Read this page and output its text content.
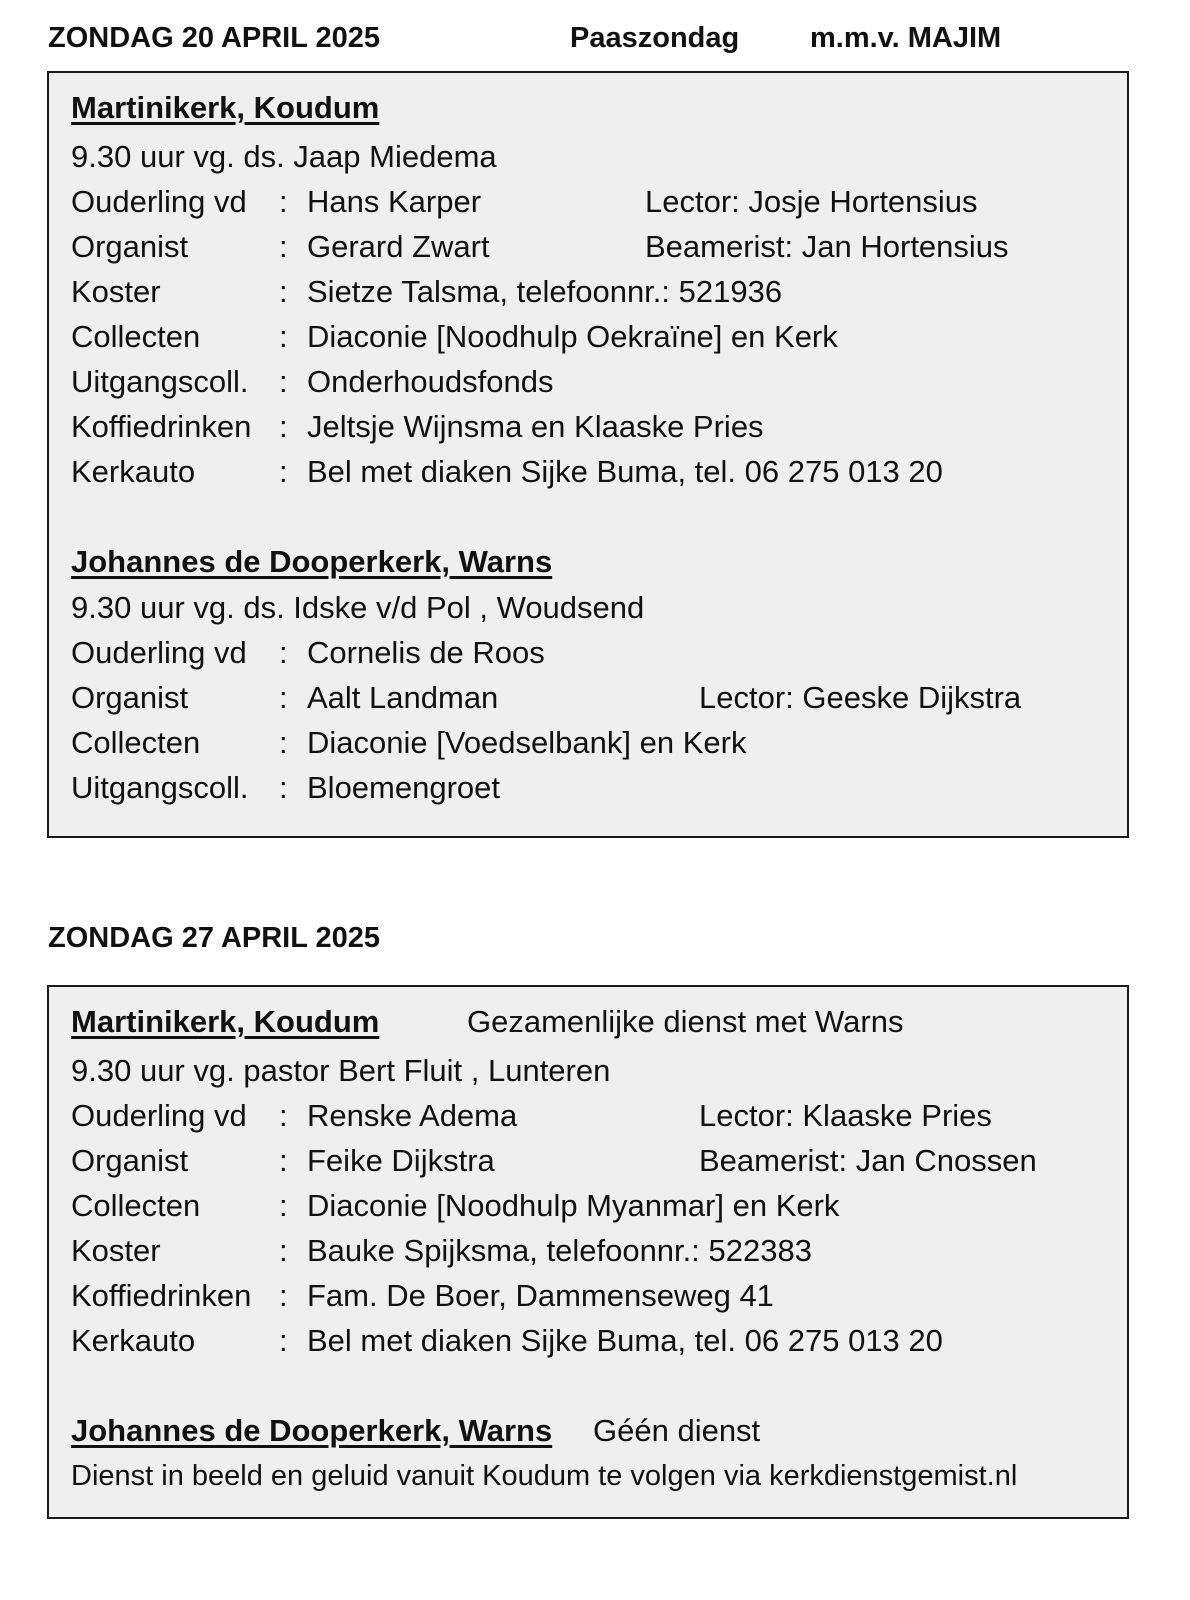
ZONDAG 20 APRIL 2025	Paaszondag m.m.v. MAJIM
Martinikerk, Koudum
9.30 uur vg. ds. Jaap Miedema
Ouderling vd : Hans Karper	Lector: Josje Hortensius
Organist	: Gerard Zwart	Beamerist: Jan Hortensius
Koster	: Sietze Talsma, telefoonnr.: 521936
Collecten	: Diaconie [Noodhulp Oekraïne] en Kerk
Uitgangscoll. : Onderhoudsfonds
Koffiedrinken : Jeltsje Wijnsma en Klaaske Pries
Kerkauto	: Bel met diaken Sijke Buma, tel. 06 275 013 20
Johannes de Dooperkerk, Warns
9.30 uur vg. ds. Idske v/d Pol , Woudsend
Ouderling vd : Cornelis de Roos
Organist	: Aalt Landman	Lector: Geeske Dijkstra
Collecten	: Diaconie [Voedselbank] en Kerk
Uitgangscoll. : Bloemengroet
ZONDAG 27 APRIL 2025
Martinikerk, Koudum	Gezamenlijke dienst met Warns
9.30 uur vg. pastor Bert Fluit , Lunteren
Ouderling vd : Renske Adema	Lector: Klaaske Pries
Organist	: Feike Dijkstra	Beamerist: Jan Cnossen
Collecten	: Diaconie [Noodhulp Myanmar] en Kerk
Koster	: Bauke Spijksma, telefoonnr.: 522383
Koffiedrinken : Fam. De Boer, Dammenseweg 41
Kerkauto	: Bel met diaken Sijke Buma, tel. 06 275 013 20
Johannes de Dooperkerk, Warns Géén dienst
Dienst in beeld en geluid vanuit Koudum te volgen via kerkdienstgemist.nl
